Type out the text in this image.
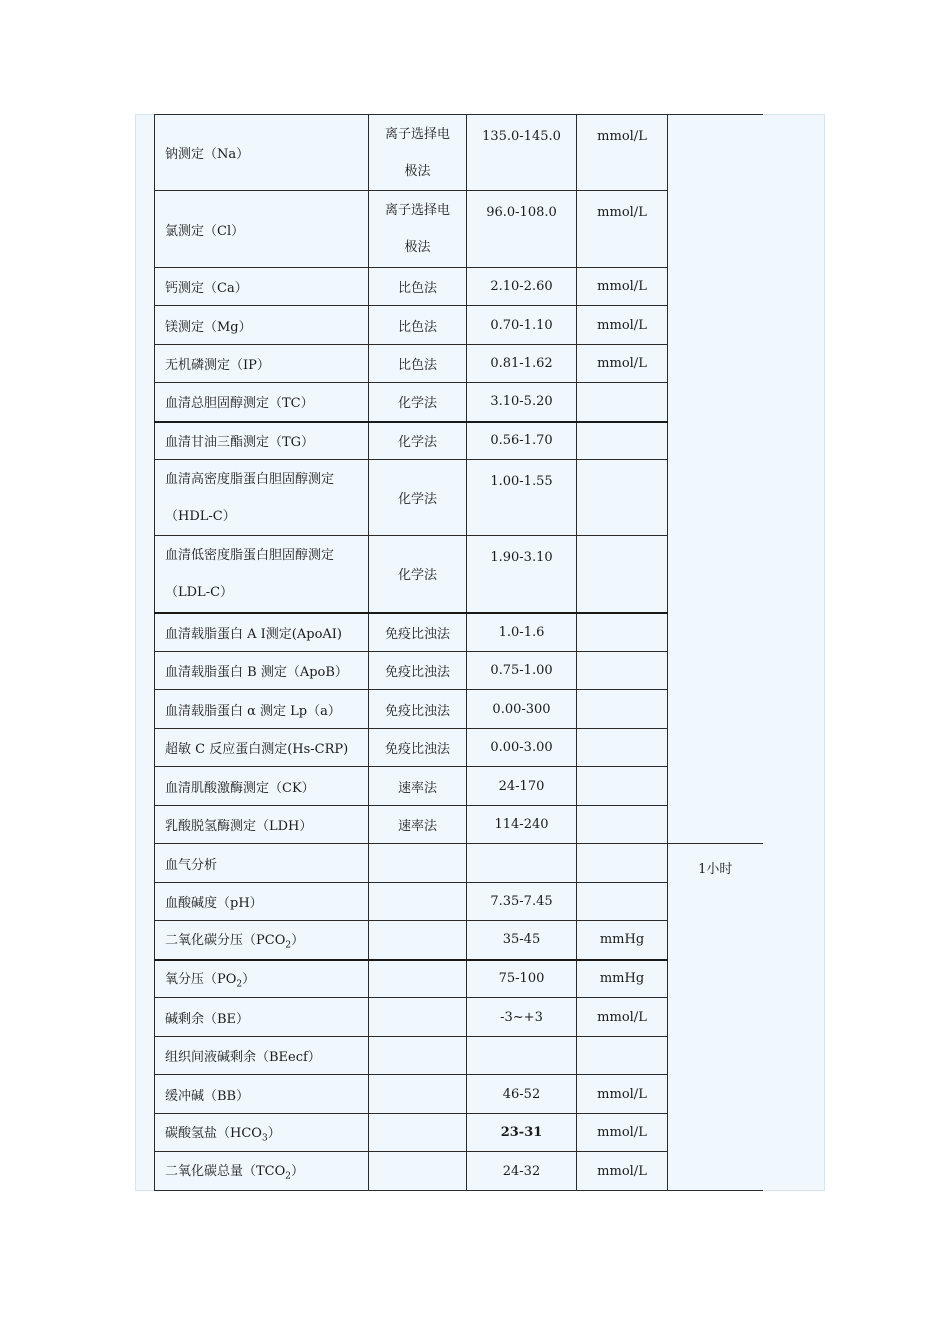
钠测定（Na）	离子选择电
极法	135.0-145.0	mmol/L	
氯测定（Cl）	离子选择电
极法	96.0-108.0	mmol/L	
钙测定（Ca）	比色法	2.10-2.60	mmol/L	
镁测定（Mg）	比色法	0.70-1.10	mmol/L	
无机磷测定（IP）	比色法	0.81-1.62	mmol/L	
血清总胆固醇测定（TC）	化学法	3.10-5.20		
血清甘油三酯测定（TG）	化学法	0.56-1.70		

血清高密度脂蛋白胆固醇测定
（HDL-C）	化学法	1.00-1.55		

血清低密度脂蛋白胆固醇测定
（LDL-C）	化学法	1.90-3.10		
血清载脂蛋白 A Ⅰ测定(ApoAI)	免疫比浊法	1.0-1.6		
血清载脂蛋白 B 测定（ApoB）	免疫比浊法	0.75-1.00		
血清载脂蛋白 α 测定 Lp（a）	免疫比浊法	0.00-300		
超敏 C 反应蛋白测定(Hs-CRP)	免疫比浊法	0.00-3.00		
血清肌酸激酶测定（CK）	速率法	24-170		
乳酸脱氢酶测定（LDH）	速率法	114-240		
血气分析				1小时
血酸碱度（pH）		7.35-7.45		
二氧化碳分压$(PCO_2)$		35-45	mmHg	
氧分压$(PO_2)$		75-100	mmHg	
碱剩余（BE）		-3~+3	mmol/L	
组织间液碱剩余（BEecf）				
缓冲碱（BB）		46-52	mmol/L	
碳酸氢盐$(HCO_3)$		23-31	mmol/L	
二氧化碳总量$(TCO_2)$		24-32	mmol/L	
